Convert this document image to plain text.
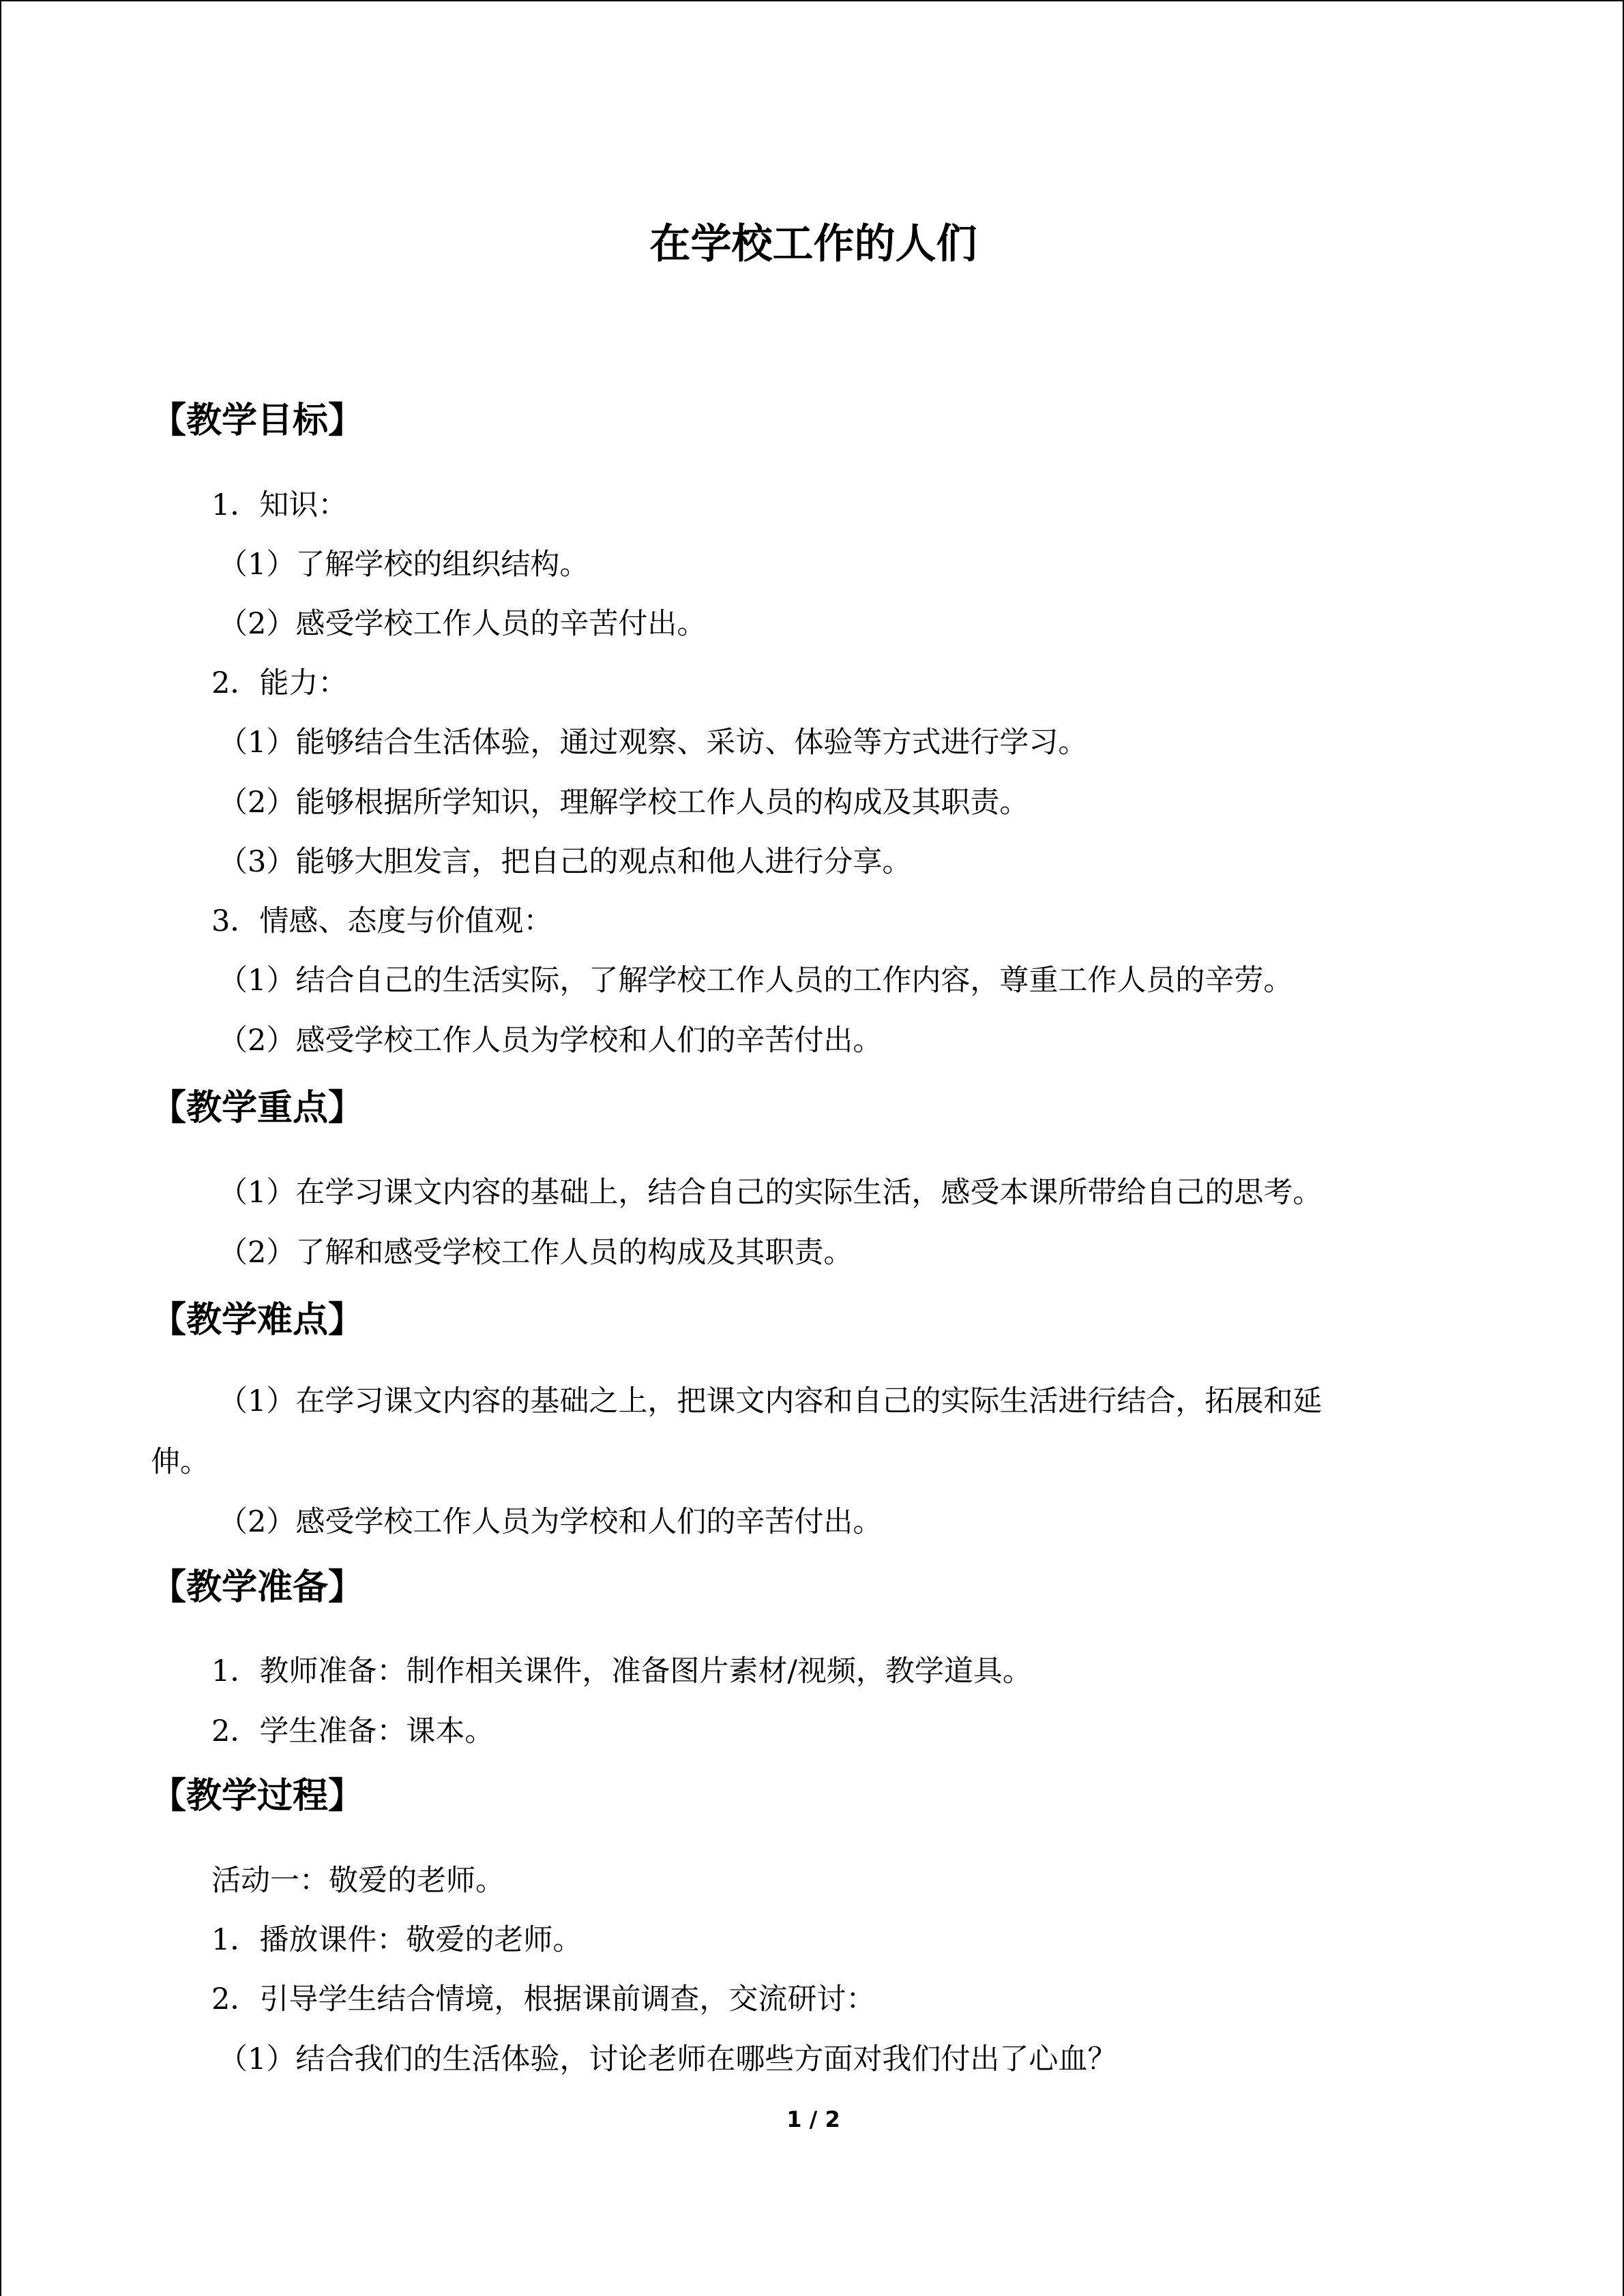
在学校工作的人们
【教学目标】
1．知识：
（1）了解学校的组织结构。
（2）感受学校工作人员的辛苦付出。
2．能力：
（1）能够结合生活体验，通过观察、采访、体验等方式进行学习。
（2）能够根据所学知识，理解学校工作人员的构成及其职责。
（3）能够大胆发言，把自己的观点和他人进行分享。
3．情感、态度与价值观：
（1）结合自己的生活实际，了解学校工作人员的工作内容，尊重工作人员的辛劳。
（2）感受学校工作人员为学校和人们的辛苦付出。
【教学重点】
（1）在学习课文内容的基础上，结合自己的实际生活，感受本课所带给自己的思考。
（2）了解和感受学校工作人员的构成及其职责。
【教学难点】
（1）在学习课文内容的基础之上，把课文内容和自己的实际生活进行结合，拓展和延
伸。
（2）感受学校工作人员为学校和人们的辛苦付出。
【教学准备】
1．教师准备：制作相关课件，准备图片素材/视频，教学道具。
2．学生准备：课本。
【教学过程】
活动一：敬爱的老师。
1．播放课件：敬爱的老师。
2．引导学生结合情境，根据课前调查，交流研讨：
（1）结合我们的生活体验，讨论老师在哪些方面对我们付出了心血？
1 / 2
